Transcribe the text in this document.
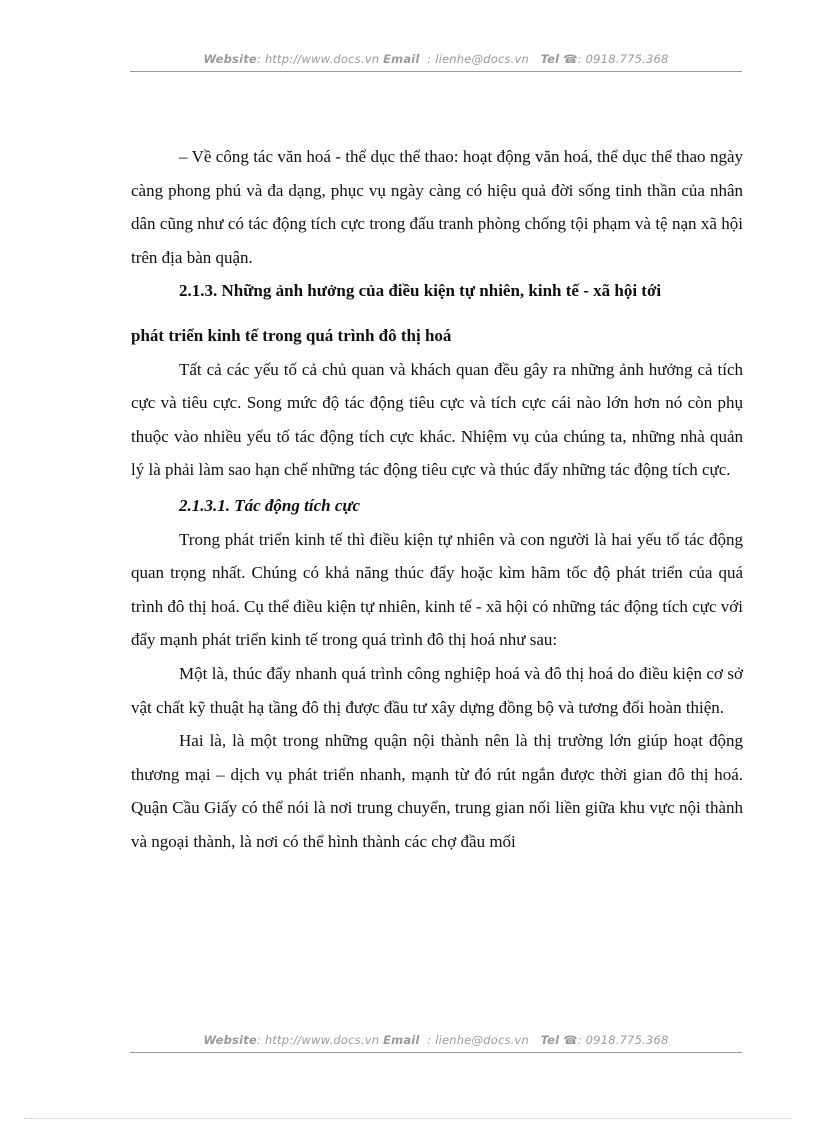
Website: http://www.docs.vn Email : lienhe@docs.vn Tel ☎: 0918.775.368

– Về công tác văn hoá - thể dục thể thao: hoạt động văn hoá, thể dục thể thao ngày càng phong phú và đa dạng, phục vụ ngày càng có hiệu quả đời sống tinh thần của nhân dân cũng như có tác động tích cực trong đấu tranh phòng chống tội phạm và tệ nạn xã hội trên địa bàn quận.

2.1.3. Những ảnh hưởng của điều kiện tự nhiên, kinh tế - xã hội tới
phát triển kinh tế trong quá trình đô thị hoá

Tất cả các yếu tố cả chủ quan và khách quan đều gây ra những ảnh hưởng cả tích cực và tiêu cực. Song mức độ tác động tiêu cực và tích cực cái nào lớn hơn nó còn phụ thuộc vào nhiều yếu tố tác động tích cực khác. Nhiệm vụ của chúng ta, những nhà quản lý là phải làm sao hạn chế những tác động tiêu cực và thúc đẩy những tác động tích cực.

2.1.3.1. Tác động tích cực

Trong phát triển kinh tế thì điều kiện tự nhiên và con người là hai yếu tố tác động quan trọng nhất. Chúng có khả năng thúc đẩy hoặc kìm hãm tốc độ phát triển của quá trình đô thị hoá. Cụ thể điều kiện tự nhiên, kinh tế - xã hội có những tác động tích cực với đẩy mạnh phát triển kinh tế trong quá trình đô thị hoá như sau:

Một là, thúc đẩy nhanh quá trình công nghiệp hoá và đô thị hoá do điều kiện cơ sở vật chất kỹ thuật hạ tầng đô thị được đầu tư xây dựng đồng bộ và tương đối hoàn thiện.

Hai là, là một trong những quận nội thành nên là thị trường lớn giúp hoạt động thương mại – dịch vụ phát triển nhanh, mạnh từ đó rút ngắn được thời gian đô thị hoá. Quận Cầu Giấy có thể nói là nơi trung chuyển, trung gian nối liền giữa khu vực nội thành và ngoại thành, là nơi có thể hình thành các chợ đầu mối

Website: http://www.docs.vn Email : lienhe@docs.vn Tel ☎: 0918.775.368
